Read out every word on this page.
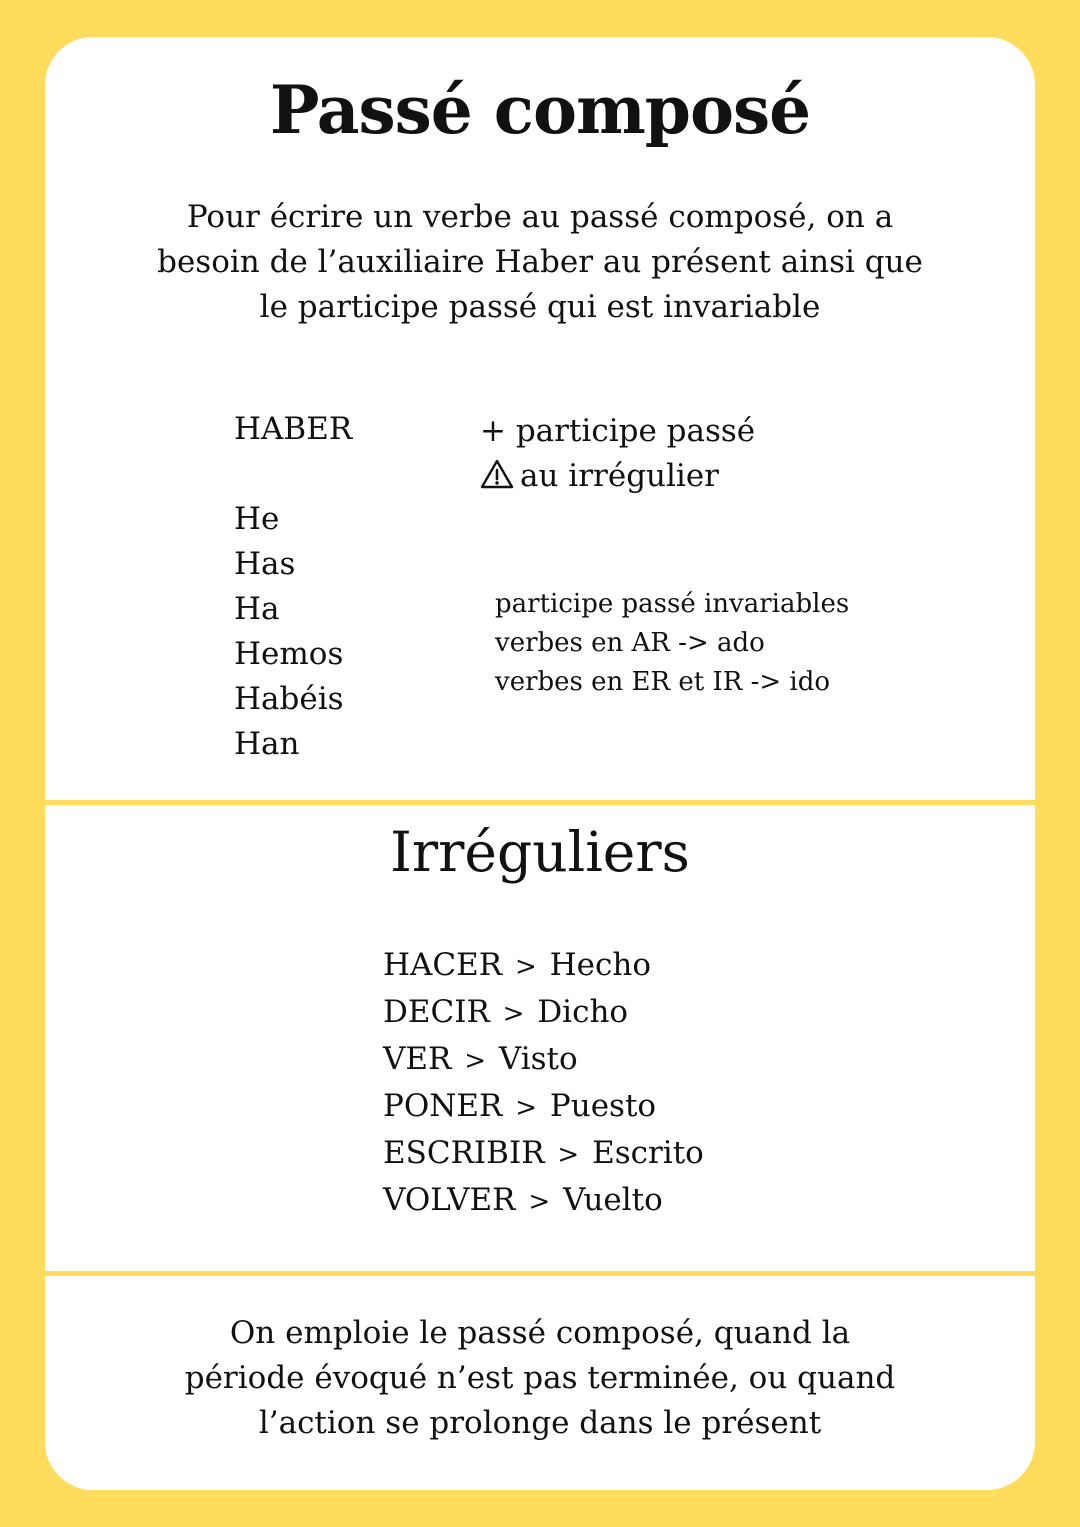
Passé composé

Pour écrire un verbe au passé composé, on a
besoin de l’auxiliaire Haber au présent ainsi que
le participe passé qui est invariable

HABER	+ participe passé
au irrégulier
He
Has
Ha
Hemos
Habéis
Han
participe passé invariables
verbes en AR -> ado
verbes en ER et IR -> ido
Irréguliers
HACER > Hecho
DECIR > Dicho
VER > Visto
PONER > Puesto
ESCRIBIR > Escrito
VOLVER > Vuelto

On emploie le passé composé, quand la
période évoqué n’est pas terminée, ou quand
l’action se prolonge dans le présent
